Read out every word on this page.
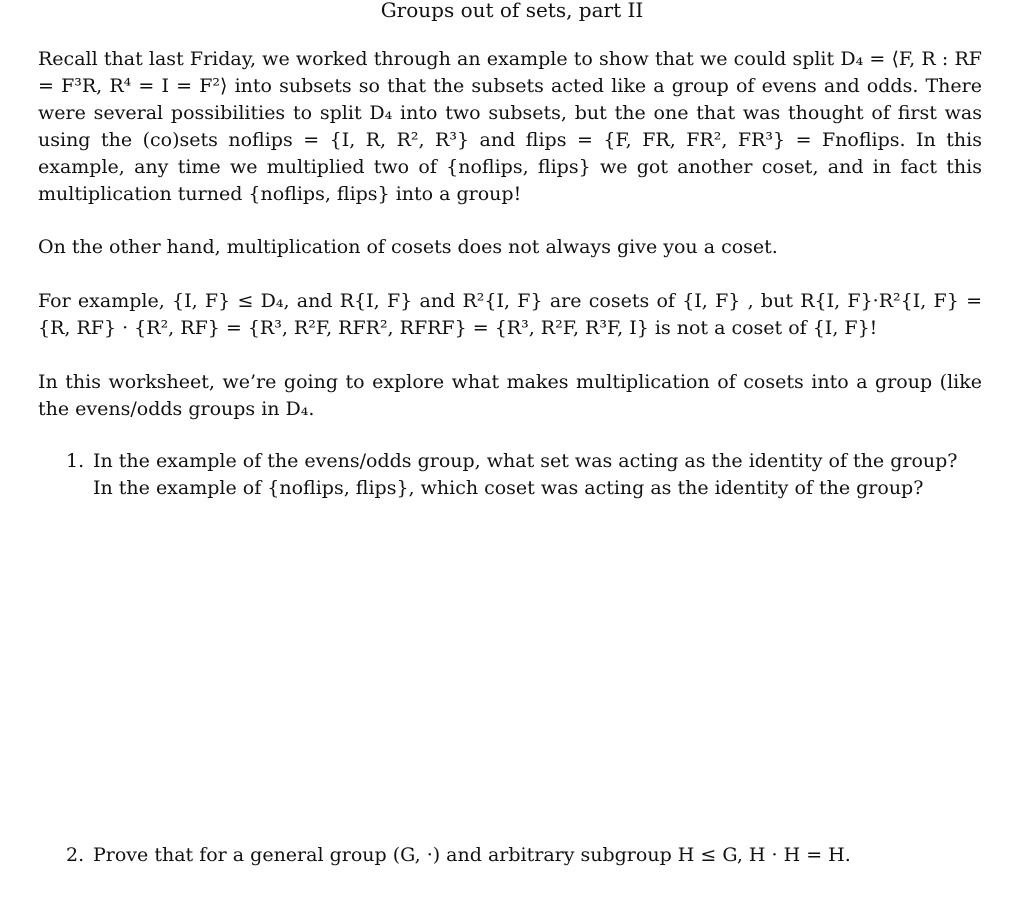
Groups out of sets, part II
Recall that last Friday, we worked through an example to show that we could split D₄ = ⟨F, R : RF = F³R, R⁴ = I = F²⟩ into subsets so that the subsets acted like a group of evens and odds. There were several possibilities to split D₄ into two subsets, but the one that was thought of first was using the (co)sets noflips = {I, R, R², R³} and flips = {F, FR, FR², FR³} = Fnoflips. In this example, any time we multiplied two of {noflips, flips} we got another coset, and in fact this multiplication turned {noflips, flips} into a group!
On the other hand, multiplication of cosets does not always give you a coset.
For example, {I, F} ≤ D₄, and R{I, F} and R²{I, F} are cosets of {I, F} , but R{I, F}·R²{I, F} = {R, RF} · {R², RF} = {R³, R²F, RFR², RFRF} = {R³, R²F, R³F, I} is not a coset of {I, F}!
In this worksheet, we’re going to explore what makes multiplication of cosets into a group (like the evens/odds groups in D₄.
1. In the example of the evens/odds group, what set was acting as the identity of the group? In the example of {noflips, flips}, which coset was acting as the identity of the group?
2. Prove that for a general group (G, ·) and arbitrary subgroup H ≤ G, H · H = H.
